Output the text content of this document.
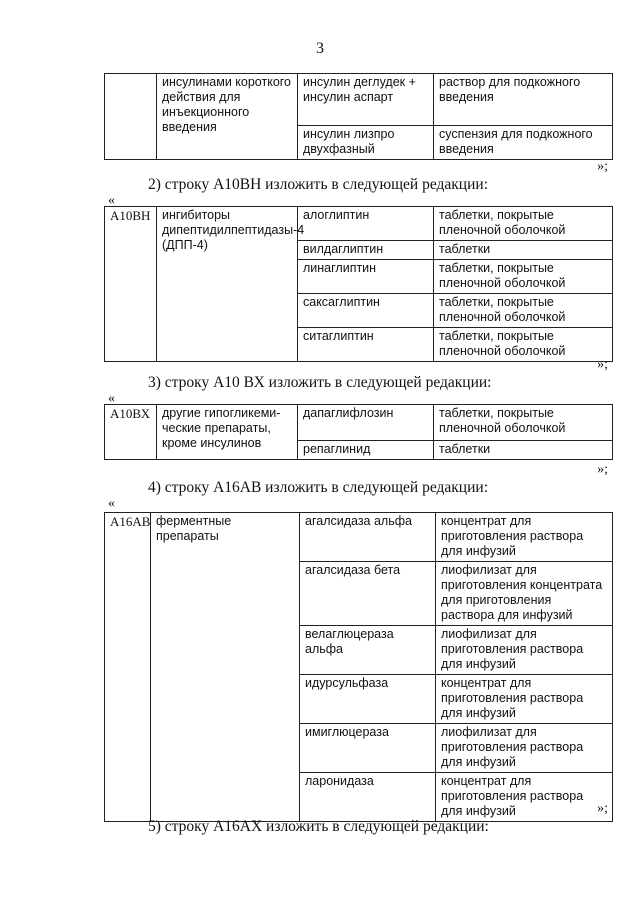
3
	инсулинами короткого действия для инъекционного введения	инсулин деглудек + инсулин аспарт	раствор для подкожного введения
		инсулин лизпро двухфазный	суспензия для подкожного введения
»;
2) строку А10ВН изложить в следующей редакции:
«
А10ВН	ингибиторы дипептидилпептидазы-4 (ДПП-4)	алоглиптин	таблетки, покрытые пленочной оболочкой
		вилдаглиптин	таблетки
		линаглиптин	таблетки, покрытые пленочной оболочкой
		саксаглиптин	таблетки, покрытые пленочной оболочкой
		ситаглиптин	таблетки, покрытые пленочной оболочкой
»;
3) строку А10 ВХ изложить в следующей редакции:
«
А10ВХ	другие гипогликеми-ческие препараты, кроме инсулинов	дапаглифлозин	таблетки, покрытые пленочной оболочкой
		репаглинид	таблетки
»;
4) строку А16АВ изложить в следующей редакции:
«
А16АВ	ферментные препараты	агалсидаза альфа	концентрат для приготовления раствора для инфузий
		агалсидаза бета	лиофилизат для приготовления концентрата для приготовления раствора для инфузий
		велаглюцераза альфа	лиофилизат для приготовления раствора для инфузий
		идурсульфаза	концентрат для приготовления раствора для инфузий
		имиглюцераза	лиофилизат для приготовления раствора для инфузий
		ларонидаза	концентрат для приготовления раствора для инфузий	»;
5) строку А16АХ изложить в следующей редакции:
